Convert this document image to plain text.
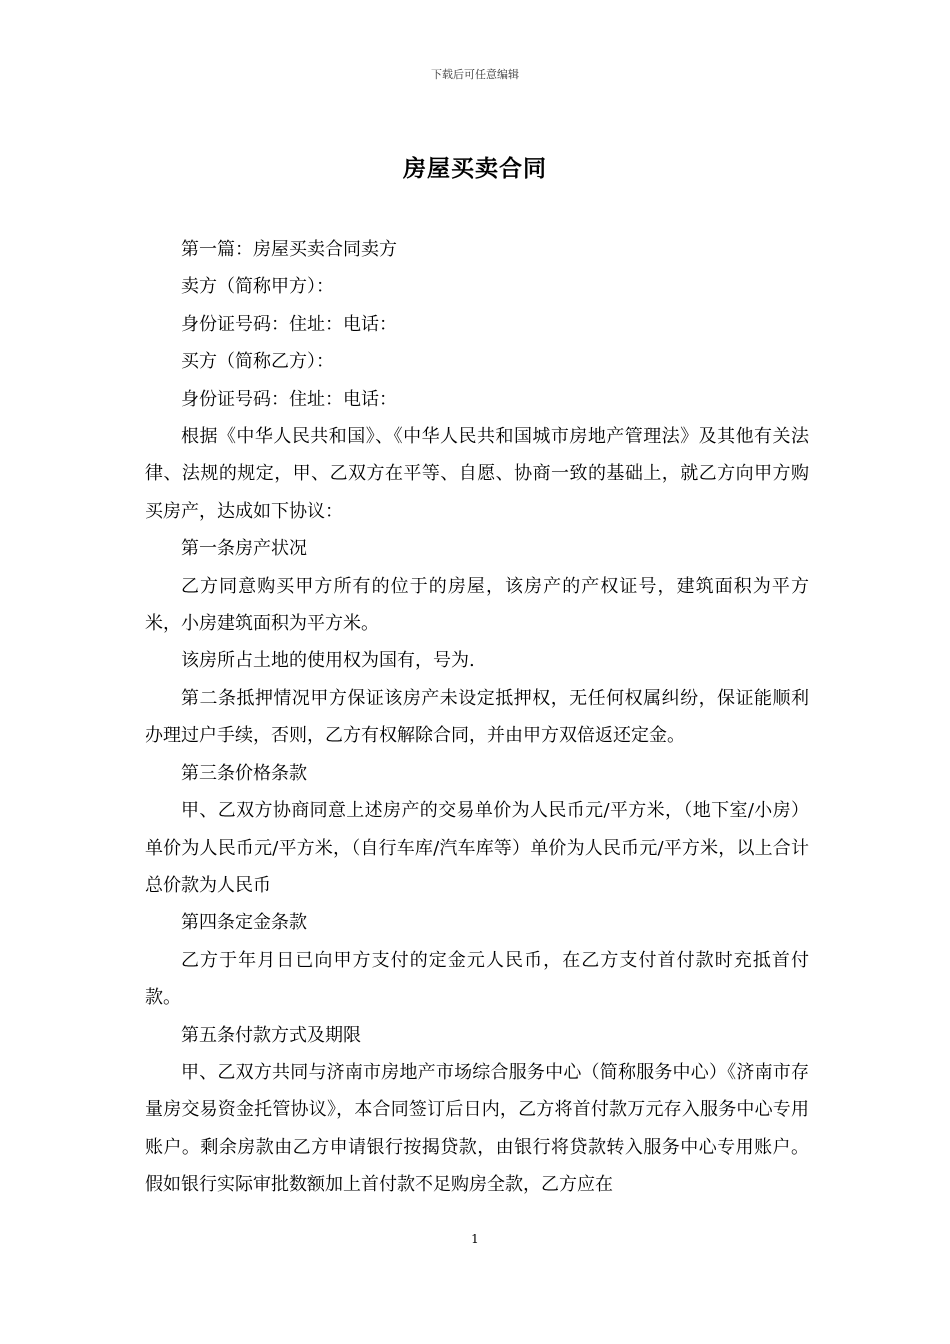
下载后可任意编辑
房屋买卖合同

第一篇：房屋买卖合同卖方

卖方（简称甲方）：

身份证号码：住址：电话：

买方（简称乙方）：

身份证号码：住址：电话：

根据《中华人民共和国》、《中华人民共和国城市房地产管理法》及其他有关法律、法规的规定，甲、乙双方在平等、自愿、协商一致的基础上，就乙方向甲方购买房产，达成如下协议：

第一条房产状况

乙方同意购买甲方所有的位于的房屋，该房产的产权证号，建筑面积为平方米，小房建筑面积为平方米。

该房所占土地的使用权为国有，号为.

第二条抵押情况甲方保证该房产未设定抵押权，无任何权属纠纷，保证能顺利办理过户手续，否则，乙方有权解除合同，并由甲方双倍返还定金。

第三条价格条款

甲、乙双方协商同意上述房产的交易单价为人民币元/平方米，（地下室/小房）单价为人民币元/平方米，（自行车库/汽车库等）单价为人民币元/平方米，以上合计总价款为人民币

第四条定金条款

乙方于年月日已向甲方支付的定金元人民币，在乙方支付首付款时充抵首付款。

第五条付款方式及期限

甲、乙双方共同与济南市房地产市场综合服务中心（简称服务中心）《济南市存量房交易资金托管协议》，本合同签订后日内，乙方将首付款万元存入服务中心专用账户。剩余房款由乙方申请银行按揭贷款，由银行将贷款转入服务中心专用账户。假如银行实际审批数额加上首付款不足购房全款，乙方应在

1
